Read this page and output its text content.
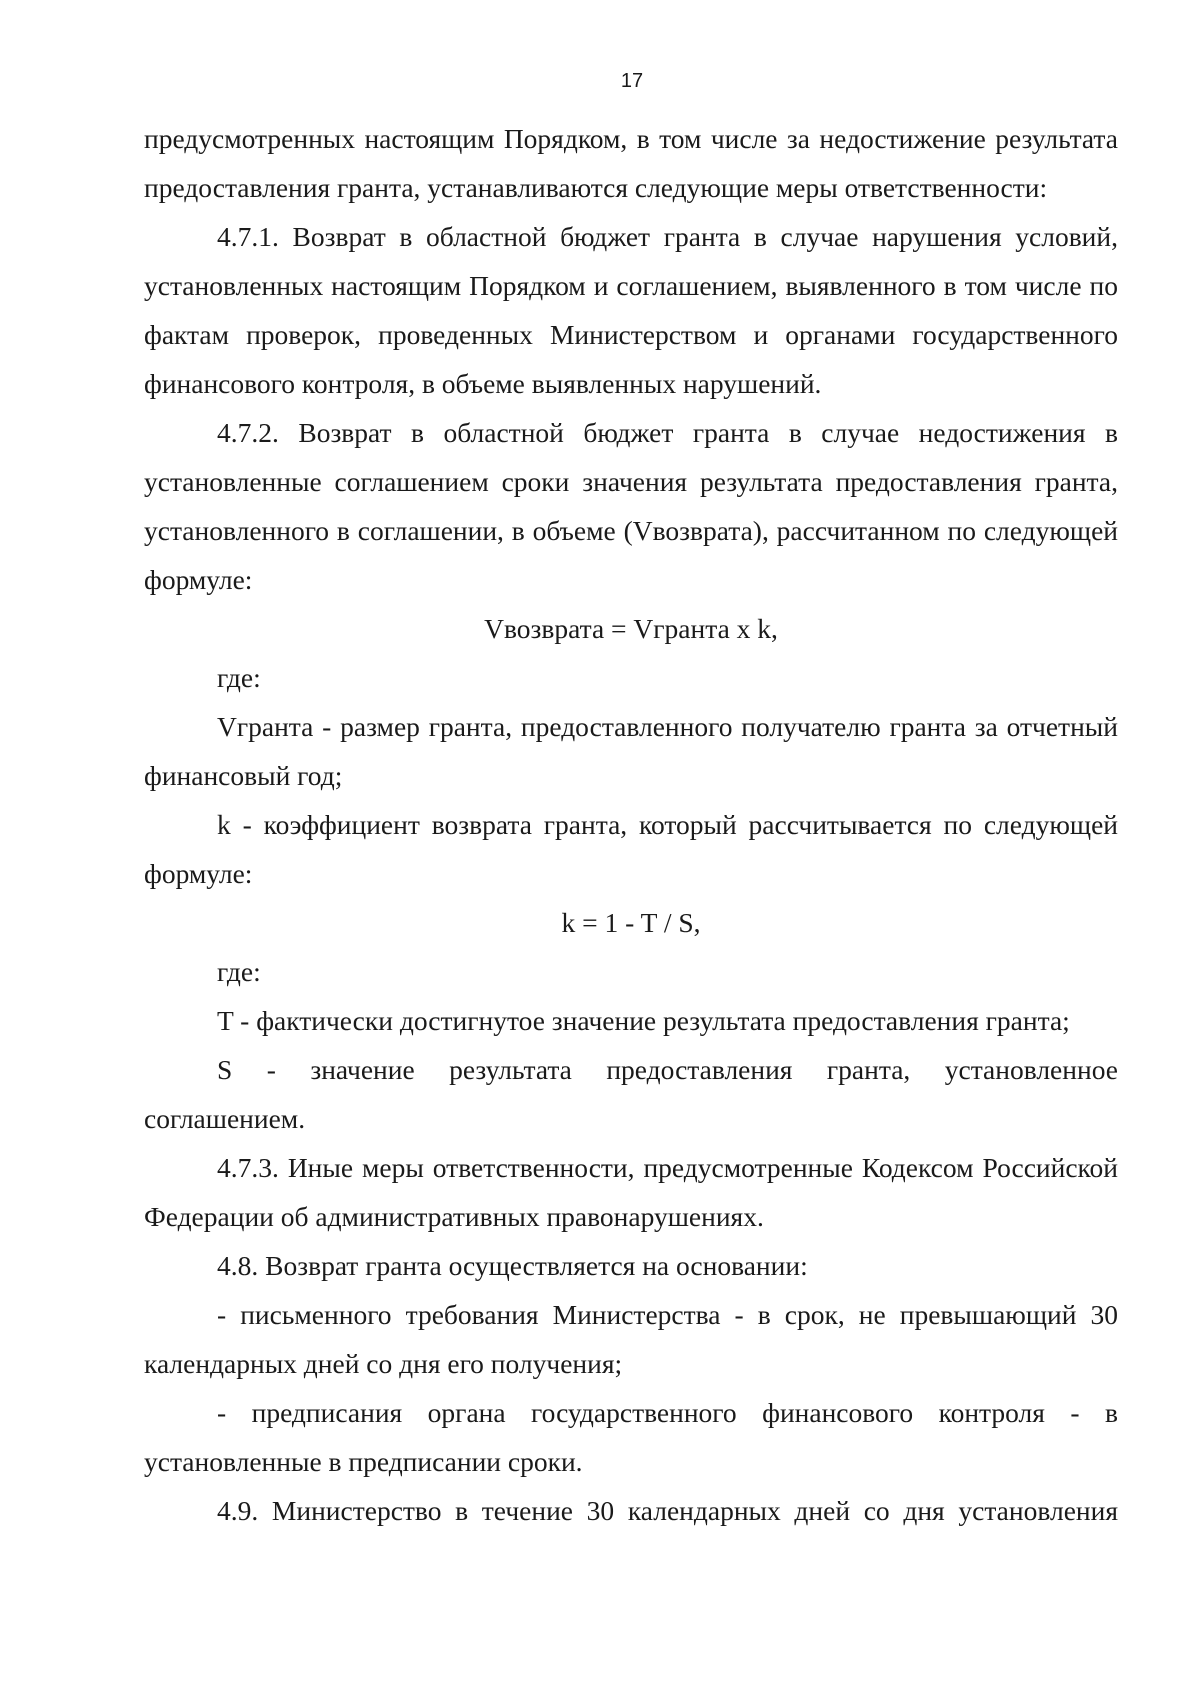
17

предусмотренных настоящим Порядком, в том числе за недостижение результата предоставления гранта, устанавливаются следующие меры ответственности:

4.7.1. Возврат в областной бюджет гранта в случае нарушения условий, установленных настоящим Порядком и соглашением, выявленного в том числе по фактам проверок, проведенных Министерством и органами государственного финансового контроля, в объеме выявленных нарушений.

4.7.2. Возврат в областной бюджет гранта в случае недостижения в установленные соглашением сроки значения результата предоставления гранта, установленного в соглашении, в объеме (Vвозврата), рассчитанном по следующей формуле:

Vвозврата = Vгранта x k,

где:

Vгранта - размер гранта, предоставленного получателю гранта за отчетный финансовый год;

k - коэффициент возврата гранта, который рассчитывается по следующей формуле:

k = 1 - T / S,

где:

T - фактически достигнутое значение результата предоставления гранта;

S - значение результата предоставления гранта, установленное соглашением.

4.7.3. Иные меры ответственности, предусмотренные Кодексом Российской Федерации об административных правонарушениях.

4.8. Возврат гранта осуществляется на основании:

- письменного требования Министерства - в срок, не превышающий 30 календарных дней со дня его получения;

- предписания органа государственного финансового контроля - в установленные в предписании сроки.

4.9. Министерство в течение 30 календарных дней со дня установления
